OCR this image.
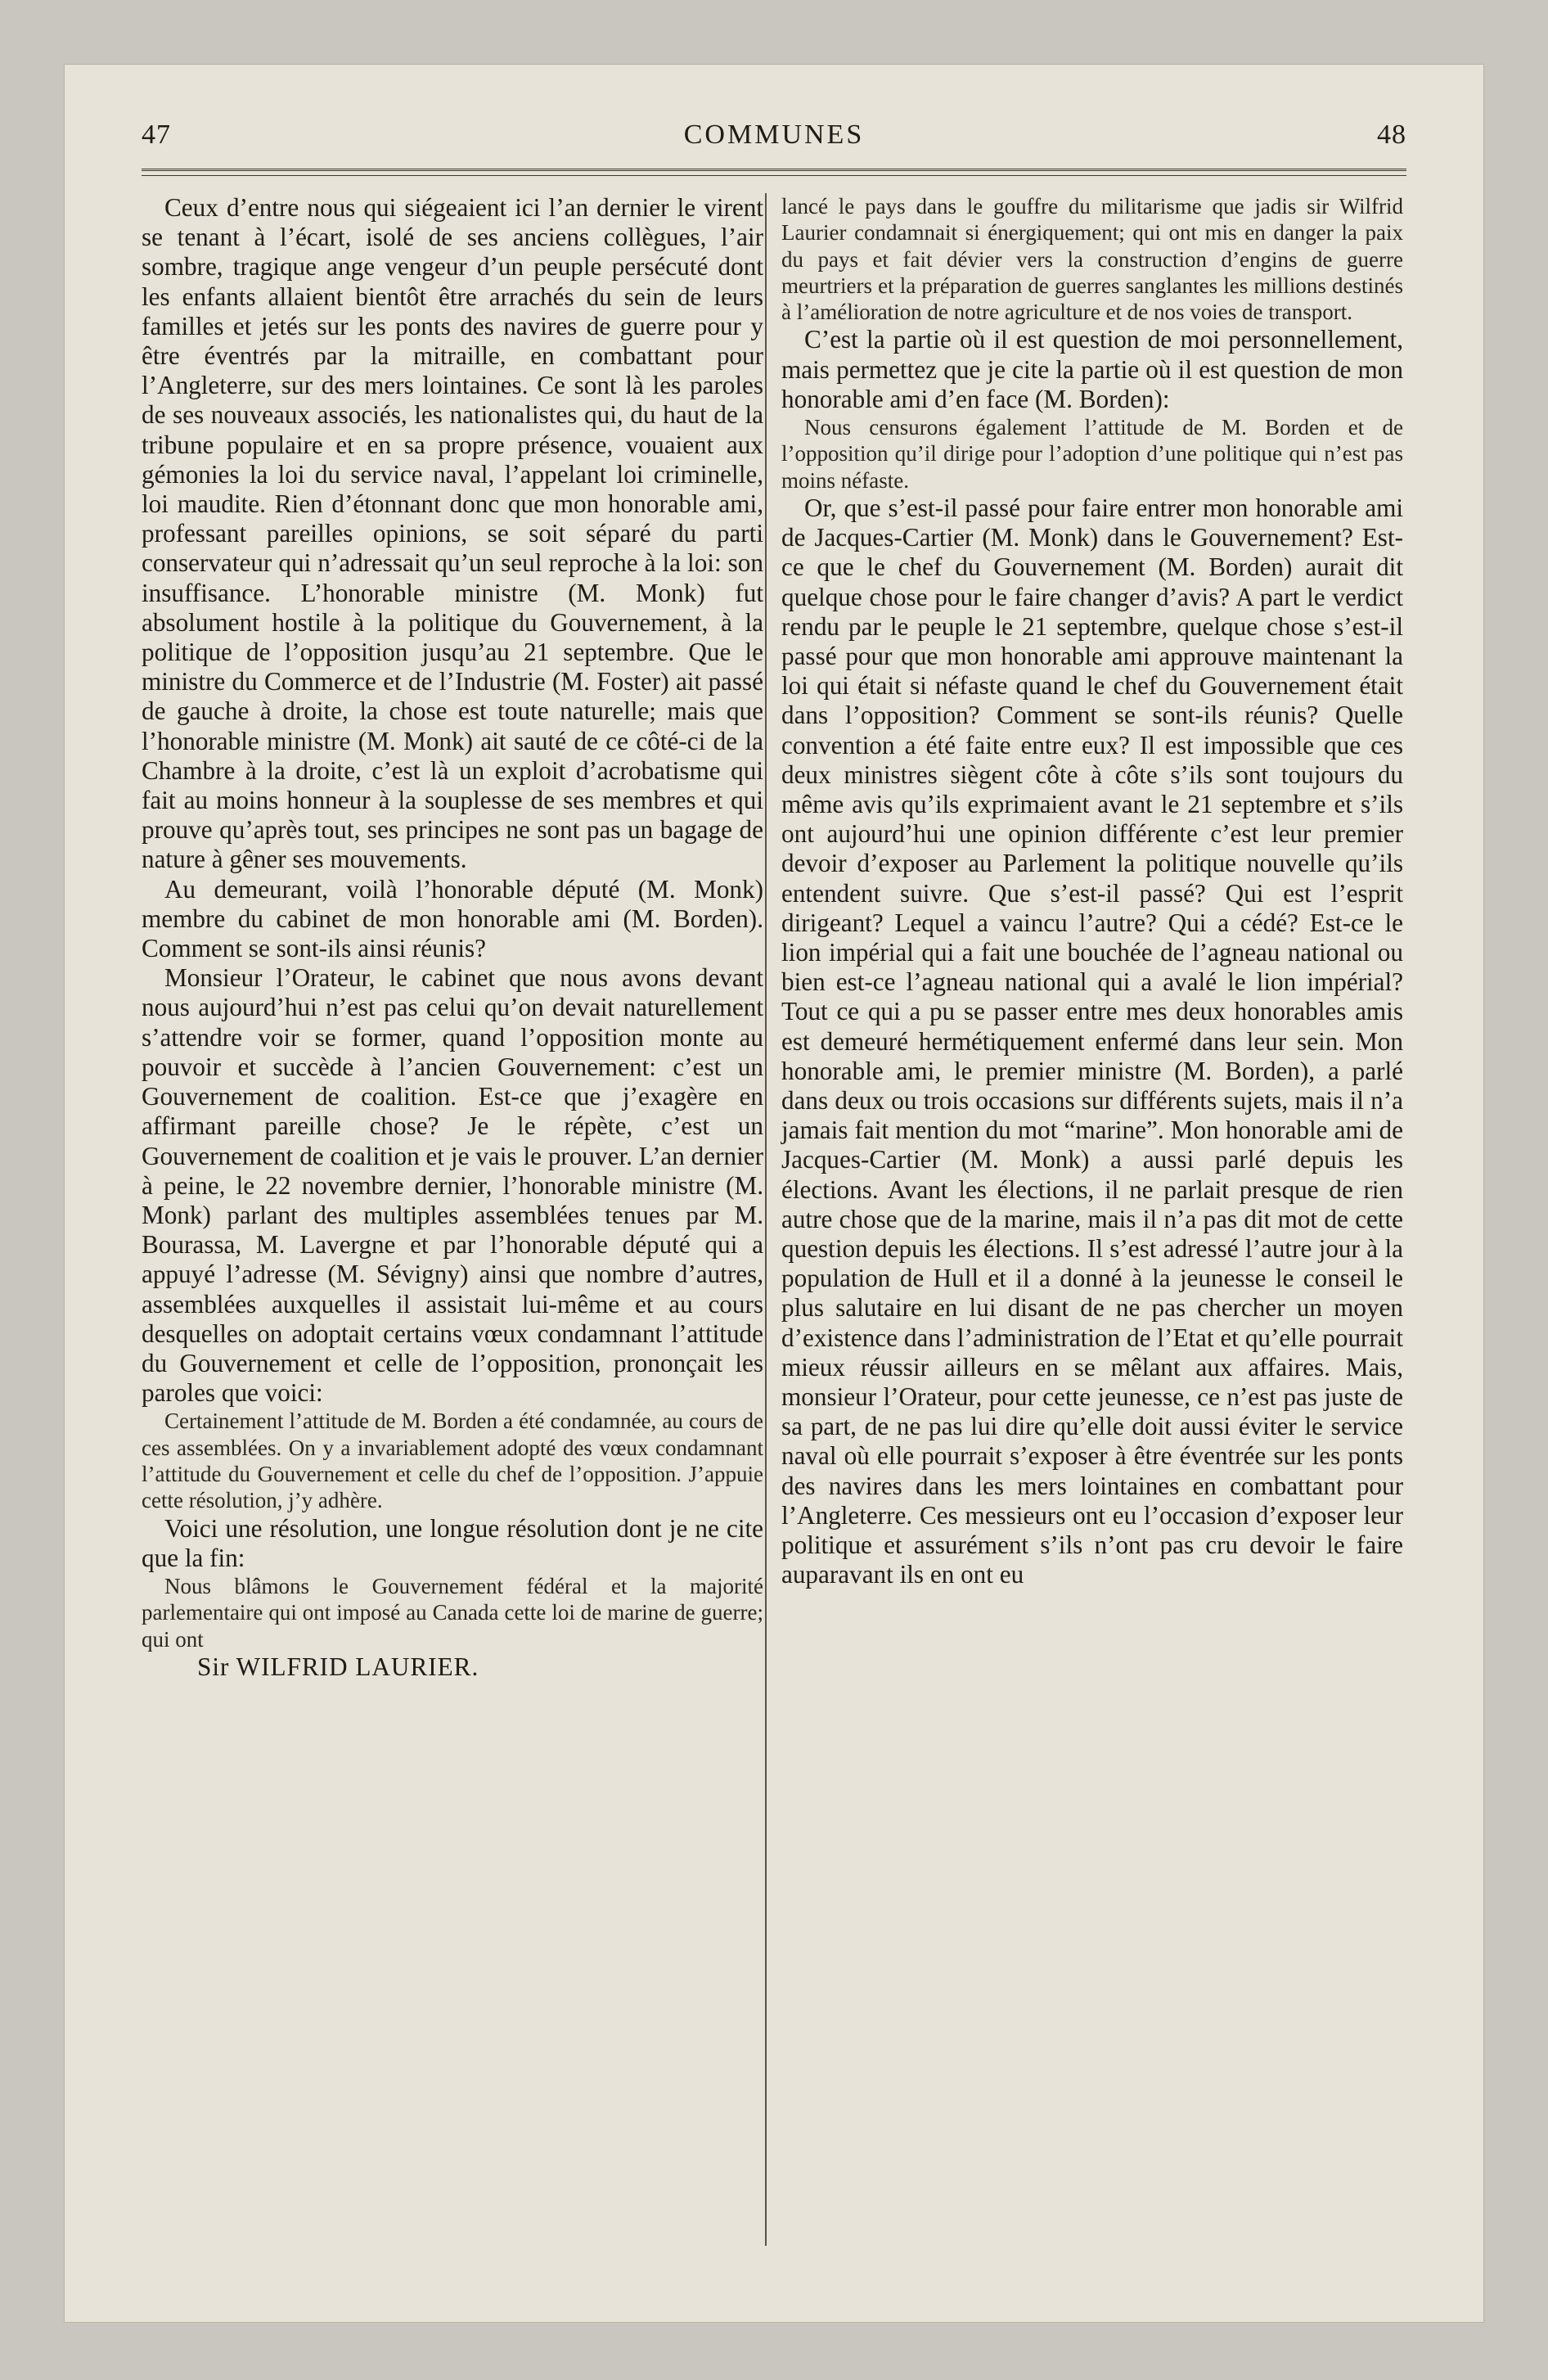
47	COMMUNES	48

Ceux d’entre nous qui siégeaient ici l’an dernier le virent se tenant à l’écart, isolé de ses anciens collègues, l’air sombre, tragique ange vengeur d’un peuple persécuté dont les enfants allaient bientôt être arrachés du sein de leurs familles et jetés sur les ponts des navires de guerre pour y être éventrés par la mitraille, en combattant pour l’Angleterre, sur des mers lointaines. Ce sont là les paroles de ses nouveaux associés, les nationalistes qui, du haut de la tribune populaire et en sa propre présence, vouaient aux gémonies la loi du service naval, l’appelant loi criminelle, loi maudite. Rien d’étonnant donc que mon honorable ami, professant pareilles opinions, se soit séparé du parti conservateur qui n’adressait qu’un seul reproche à la loi: son insuffisance. L’honorable ministre (M. Monk) fut absolument hostile à la politique du Gouvernement, à la politique de l’opposition jusqu’au 21 septembre. Que le ministre du Commerce et de l’Industrie (M. Foster) ait passé de gauche à droite, la chose est toute naturelle; mais que l’honorable ministre (M. Monk) ait sauté de ce côté-ci de la Chambre à la droite, c’est là un exploit d’acrobatisme qui fait au moins honneur à la souplesse de ses membres et qui prouve qu’après tout, ses principes ne sont pas un bagage de nature à gêner ses mouvements.

Au demeurant, voilà l’honorable député (M. Monk) membre du cabinet de mon honorable ami (M. Borden). Comment se sont-ils ainsi réunis?

Monsieur l’Orateur, le cabinet que nous avons devant nous aujourd’hui n’est pas celui qu’on devait naturellement s’attendre voir se former, quand l’opposition monte au pouvoir et succède à l’ancien Gouvernement: c’est un Gouvernement de coalition. Est-ce que j’exagère en affirmant pareille chose? Je le répète, c’est un Gouvernement de coalition et je vais le prouver. L’an dernier à peine, le 22 novembre dernier, l’honorable ministre (M. Monk) parlant des multiples assemblées tenues par M. Bourassa, M. Lavergne et par l’honorable député qui a appuyé l’adresse (M. Sévigny) ainsi que nombre d’autres, assemblées auxquelles il assistait lui-même et au cours desquelles on adoptait certains vœux condamnant l’attitude du Gouvernement et celle de l’opposition, prononçait les paroles que voici:

Certainement l’attitude de M. Borden a été condamnée, au cours de ces assemblées. On y a invariablement adopté des vœux condamnant l’attitude du Gouvernement et celle du chef de l’opposition. J’appuie cette résolution, j’y adhère.

Voici une résolution, une longue résolution dont je ne cite que la fin:

Nous blâmons le Gouvernement fédéral et la majorité parlementaire qui ont imposé au Canada cette loi de marine de guerre; qui ont

Sir WILFRID LAURIER.

lancé le pays dans le gouffre du militarisme que jadis sir Wilfrid Laurier condamnait si énergiquement; qui ont mis en danger la paix du pays et fait dévier vers la construction d’engins de guerre meurtriers et la préparation de guerres sanglantes les millions destinés à l’amélioration de notre agriculture et de nos voies de transport.

C’est la partie où il est question de moi personnellement, mais permettez que je cite la partie où il est question de mon honorable ami d’en face (M. Borden):

Nous censurons également l’attitude de M. Borden et de l’opposition qu’il dirige pour l’adoption d’une politique qui n’est pas moins néfaste.

Or, que s’est-il passé pour faire entrer mon honorable ami de Jacques-Cartier (M. Monk) dans le Gouvernement? Est-ce que le chef du Gouvernement (M. Borden) aurait dit quelque chose pour le faire changer d’avis? A part le verdict rendu par le peuple le 21 septembre, quelque chose s’est-il passé pour que mon honorable ami approuve maintenant la loi qui était si néfaste quand le chef du Gouvernement était dans l’opposition? Comment se sont-ils réunis? Quelle convention a été faite entre eux? Il est impossible que ces deux ministres siègent côte à côte s’ils sont toujours du même avis qu’ils exprimaient avant le 21 septembre et s’ils ont aujourd’hui une opinion différente c’est leur premier devoir d’exposer au Parlement la politique nouvelle qu’ils entendent suivre. Que s’est-il passé? Qui est l’esprit dirigeant? Lequel a vaincu l’autre? Qui a cédé? Est-ce le lion impérial qui a fait une bouchée de l’agneau national ou bien est-ce l’agneau national qui a avalé le lion impérial? Tout ce qui a pu se passer entre mes deux honorables amis est demeuré hermétiquement enfermé dans leur sein. Mon honorable ami, le premier ministre (M. Borden), a parlé dans deux ou trois occasions sur différents sujets, mais il n’a jamais fait mention du mot “marine”. Mon honorable ami de Jacques-Cartier (M. Monk) a aussi parlé depuis les élections. Avant les élections, il ne parlait presque de rien autre chose que de la marine, mais il n’a pas dit mot de cette question depuis les élections. Il s’est adressé l’autre jour à la population de Hull et il a donné à la jeunesse le conseil le plus salutaire en lui disant de ne pas chercher un moyen d’existence dans l’administration de l’Etat et qu’elle pourrait mieux réussir ailleurs en se mêlant aux affaires. Mais, monsieur l’Orateur, pour cette jeunesse, ce n’est pas juste de sa part, de ne pas lui dire qu’elle doit aussi éviter le service naval où elle pourrait s’exposer à être éventrée sur les ponts des navires dans les mers lointaines en combattant pour l’Angleterre. Ces messieurs ont eu l’occasion d’exposer leur politique et assurément s’ils n’ont pas cru devoir le faire auparavant ils en ont eu
